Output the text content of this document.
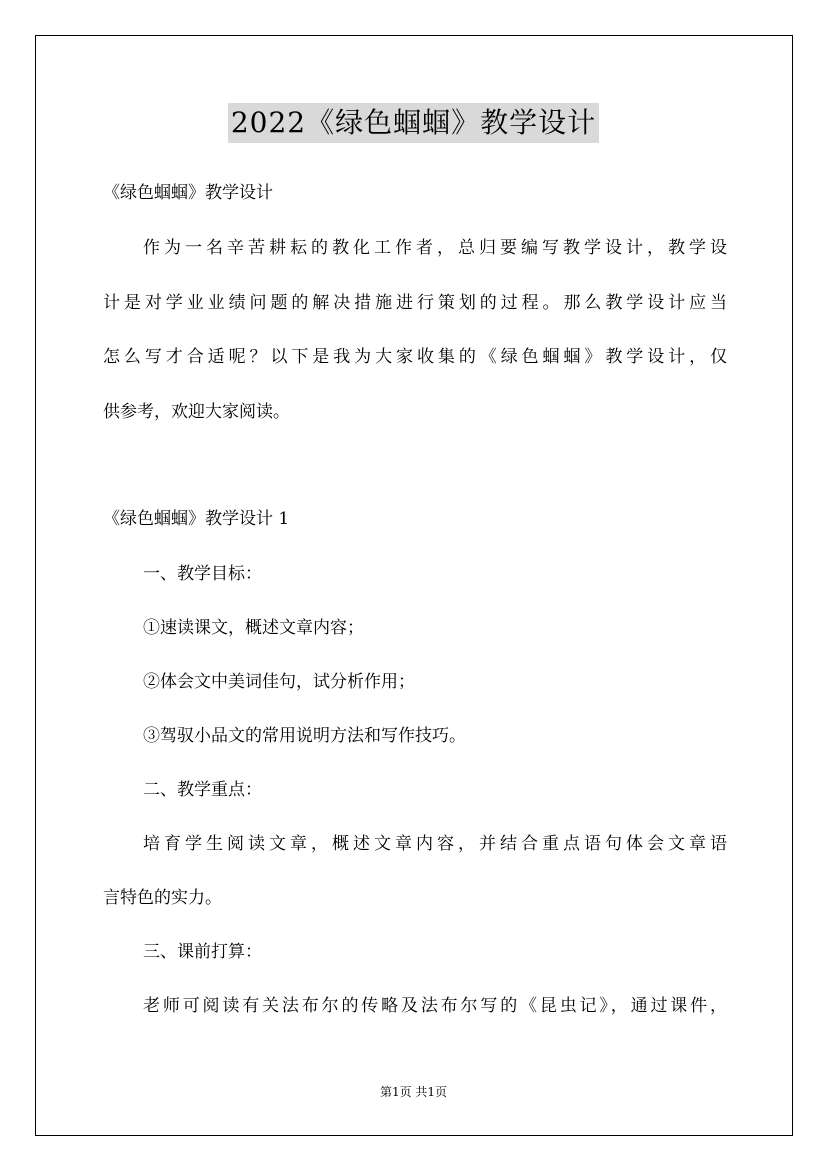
2022《绿色蝈蝈》教学设计
《绿色蝈蝈》教学设计
作为一名辛苦耕耘的教化工作者，总归要编写教学设计，教学设
计是对学业业绩问题的解决措施进行策划的过程。那么教学设计应当
怎么写才合适呢？以下是我为大家收集的《绿色蝈蝈》教学设计，仅
供参考，欢迎大家阅读。
《绿色蝈蝈》教学设计 1
一、教学目标：
①速读课文，概述文章内容；
②体会文中美词佳句，试分析作用；
③驾驭小品文的常用说明方法和写作技巧。
二、教学重点：
培育学生阅读文章，概述文章内容，并结合重点语句体会文章语
言特色的实力。
三、课前打算：
老师可阅读有关法布尔的传略及法布尔写的《昆虫记》，通过课件，
第1页 共1页
